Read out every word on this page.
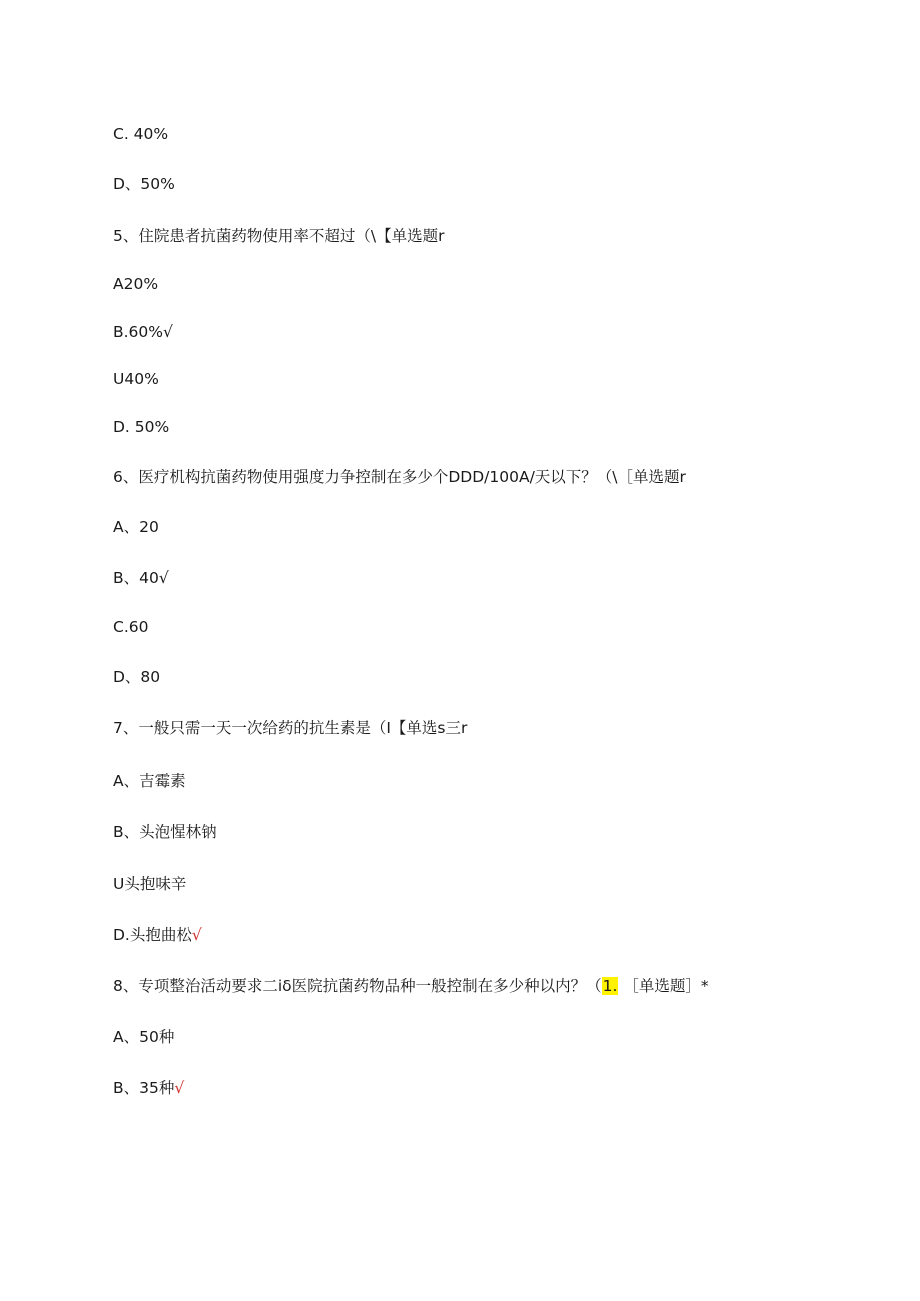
C. 40%
D、50%
5、住院患者抗菌药物使用率不超过（\【单选题r
A20%
B.60%√
U40%
D. 50%
6、医疗机构抗菌药物使用强度力争控制在多少个DDD/100A/天以下？（\［单选题r
A、20
B、40√
C.60
D、80
7、一般只需一天一次给药的抗生素是（I【单选s三r
A、吉霉素
B、头泡惺林钠
U头抱味辛
D.头抱曲松√
8、专项整治活动要求二iδ医院抗菌药物品种一般控制在多少种以内？（1. ［单选题］*
A、50种
B、35种√
